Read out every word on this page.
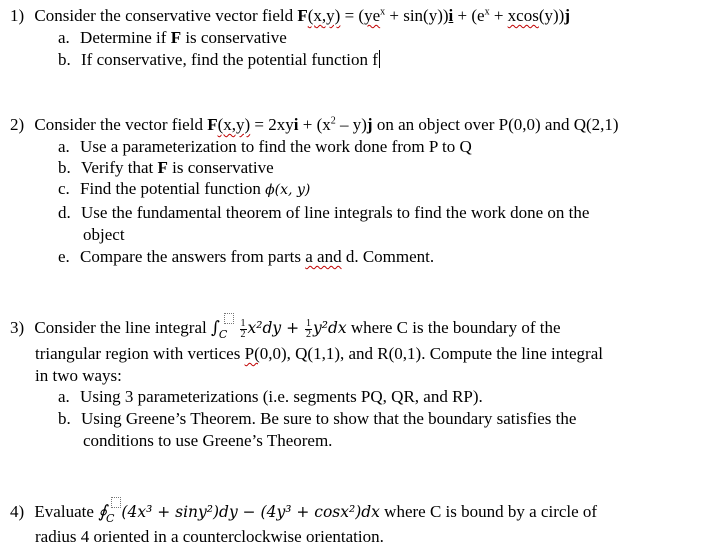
1) Consider the conservative vector field $F(x,y) = (ye^x + \sin(y))i + (e^x + xcos(y))j$
a. Determine if F is conservative
b. If conservative, find the potential function f
2) Consider the vector field $F(x,y) = 2xyi + (x^2 - y)j$ on an object over P(0,0) and Q(2,1)
a. Use a parameterization to find the work done from P to Q
b. Verify that F is conservative
c. Find the potential function ϕ(x, y)
d. Use the fundamental theorem of line integrals to find the work done on the
object
e. Compare the answers from parts a and d. Comment.
3) Consider the line integral $\int_C \frac{1}{2} x^2dy + \frac{1}{2} y^2dx$ where C is the boundary of the
triangular region with vertices P(0,0), Q(1,1), and R(0,1). Compute the line integral
in two ways:
a. Using 3 parameterizations (i.e. segments PQ, QR, and RP).
b. Using Greene’s Theorem. Be sure to show that the boundary satisfies the
conditions to use Greene’s Theorem.
4) Evaluate $∮_C$ (4x³ + siny²)dy − (4y³ + cosx²)dx where C is bound by a circle of
radius 4 oriented in a counterclockwise orientation.
